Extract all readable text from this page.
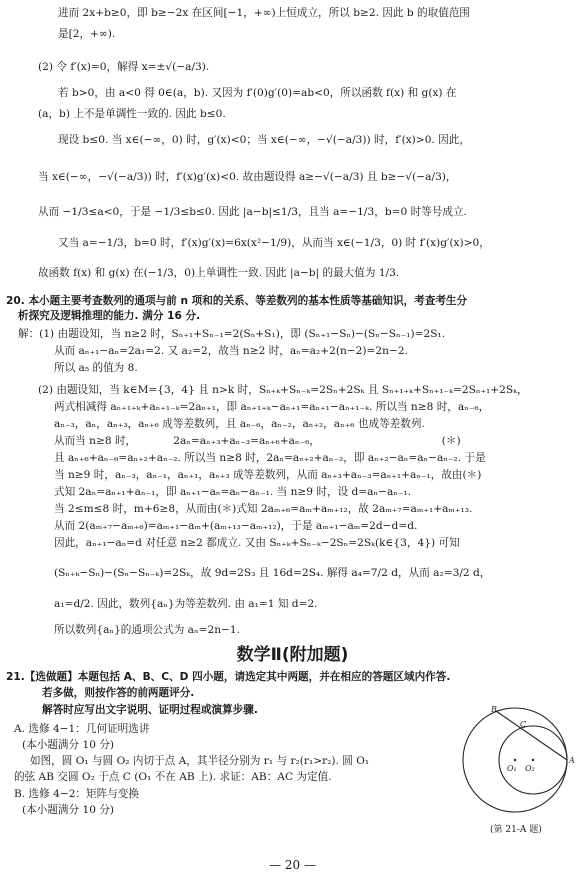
进而 2x+b≥0，即 b≥−2x 在区间[−1，+∞)上恒成立，所以 b≥2. 因此 b 的取值范围
是[2，+∞).
(2) 令 f′(x)=0，解得 x=±√(−a/3).
若 b>0，由 a<0 得 0∈(a，b). 又因为 f′(0)g′(0)=ab<0，所以函数 f(x) 和 g(x) 在
(a，b) 上不是单调性一致的. 因此 b≤0.
现设 b≤0. 当 x∈(−∞，0) 时，g′(x)<0；当 x∈(−∞，−√(−a/3)) 时，f′(x)>0. 因此，
当 x∈(−∞，−√(−a/3)) 时，f′(x)g′(x)<0. 故由题设得 a≥−√(−a/3) 且 b≥−√(−a/3)，
从而 −1/3≤a<0，于是 −1/3≤b≤0. 因此 |a−b|≤1/3，且当 a=−1/3，b=0 时等号成立.
又当 a=−1/3，b=0 时，f′(x)g′(x)=6x(x²−1/9)，从而当 x∈(−1/3，0) 时 f′(x)g′(x)>0，
故函数 f(x) 和 g(x) 在(−1/3，0)上单调性一致. 因此 |a−b| 的最大值为 1/3.
20. 本小题主要考查数列的通项与前 n 项和的关系、等差数列的基本性质等基础知识，考查考生分
析探究及逻辑推理的能力. 满分 16 分.
解：(1) 由题设知，当 n≥2 时，Sₙ₊₁+Sₙ₋₁=2(Sₙ+S₁)，即 (Sₙ₊₁−Sₙ)−(Sₙ−Sₙ₋₁)=2S₁.
从而 aₙ₊₁−aₙ=2a₁=2. 又 a₂=2，故当 n≥2 时，aₙ=a₂+2(n−2)=2n−2.
所以 a₅ 的值为 8.
(2) 由题设知，当 k∈M={3，4} 且 n>k 时，Sₙ₊ₖ+Sₙ₋ₖ=2Sₙ+2Sₖ 且 Sₙ₊₁₊ₖ+Sₙ₊₁₋ₖ=2Sₙ₊₁+2Sₖ，
两式相减得 aₙ₊₁₊ₖ+aₙ₊₁₋ₖ=2aₙ₊₁，即 aₙ₊₁₊ₖ−aₙ₊₁=aₙ₊₁−aₙ₊₁₋ₖ. 所以当 n≥8 时，aₙ₋₆，
aₙ₋₃，aₙ，aₙ₊₃，aₙ₊₆ 成等差数列，且 aₙ₋₆，aₙ₋₂，aₙ₊₂，aₙ₊₆ 也成等差数列.
从而当 n≥8 时，　　　　2aₙ=aₙ₊₃+aₙ₋₃=aₙ₊₆+aₙ₋₆，　　　　　　　　　　　　(＊)
且 aₙ₊₆+aₙ₋₆=aₙ₊₂+aₙ₋₂. 所以当 n≥8 时，2aₙ=aₙ₊₂+aₙ₋₂，即 aₙ₊₂−aₙ=aₙ−aₙ₋₂. 于是
当 n≥9 时，aₙ₋₃，aₙ₋₁，aₙ₊₁，aₙ₊₃ 成等差数列，从而 aₙ₊₃+aₙ₋₃=aₙ₊₁+aₙ₋₁，故由(＊)
式知 2aₙ=aₙ₊₁+aₙ₋₁，即 aₙ₊₁−aₙ=aₙ−aₙ₋₁. 当 n≥9 时，设 d=aₙ−aₙ₋₁.
当 2≤m≤8 时，m+6≥8，从而由(＊)式知 2aₘ₊₆=aₘ+aₘ₊₁₂，故 2aₘ₊₇=aₘ₊₁+aₘ₊₁₃.
从而 2(aₘ₊₇−aₘ₊₆)=aₘ₊₁−aₘ+(aₘ₊₁₃−aₘ₊₁₂)，于是 aₘ₊₁−aₘ=2d−d=d.
因此，aₙ₊₁−aₙ=d 对任意 n≥2 都成立. 又由 Sₙ₊ₖ+Sₙ₋ₖ−2Sₙ=2Sₖ(k∈{3，4}) 可知
(Sₙ₊ₖ−Sₙ)−(Sₙ−Sₙ₋ₖ)=2Sₖ，故 9d=2S₃ 且 16d=2S₄. 解得 a₄=7/2 d，从而 a₂=3/2 d，
a₁=d/2. 因此，数列{aₙ}为等差数列. 由 a₁=1 知 d=2.
所以数列{aₙ}的通项公式为 aₙ=2n−1.
21.【选做题】本题包括 A、B、C、D 四小题，请选定其中两题，并在相应的答题区域内作答.
若多做，则按作答的前两题评分.
解答时应写出文字说明、证明过程或演算步骤.
A. 选修 4−1：几何证明选讲
(本小题满分 10 分)
如图，圆 O₁ 与圆 O₂ 内切于点 A，其半径分别为 r₁ 与 r₂(r₁>r₂). 圆 O₁
的弦 AB 交圆 O₂ 于点 C (O₁ 不在 AB 上). 求证：AB：AC 为定值.
B. 选修 4−2：矩阵与变换
(本小题满分 10 分)
数学Ⅱ(附加题)
B
C
O₁ O₂
A
(第 21-A 题)
— 20 —
